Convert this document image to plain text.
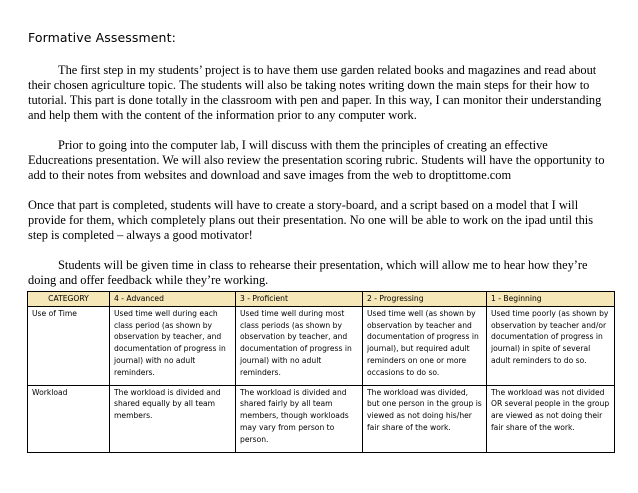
Formative Assessment:

The first step in my students’ project is to have them use garden related books and magazines and read about their chosen agriculture topic. The students will also be taking notes writing down the main steps for their how to tutorial. This part is done totally in the classroom with pen and paper. In this way, I can monitor their understanding and help them with the content of the information prior to any computer work.

Prior to going into the computer lab, I will discuss with them the principles of creating an effective Educreations presentation. We will also review the presentation scoring rubric. Students will have the opportunity to add to their notes from websites and download and save images from the web to droptittome.com

Once that part is completed, students will have to create a story-board, and a script based on a model that I will provide for them, which completely plans out their presentation. No one will be able to work on the ipad until this step is completed – always a good motivator!

Students will be given time in class to rehearse their presentation, which will allow me to hear how they’re doing and offer feedback while they’re working.

CATEGORY	4 - Advanced	3 - Proficient	2 - Progressing	1 - Beginning
Use of Time	Used time well during each class period (as shown by observation by teacher, and documentation of progress in journal) with no adult reminders.	Used time well during most class periods (as shown by observation by teacher, and documentation of progress in journal) with no adult reminders.	Used time well (as shown by observation by teacher and documentation of progress in journal), but required adult reminders on one or more occasions to do so.	Used time poorly (as shown by observation by teacher and/or documentation of progress in journal) in spite of several adult reminders to do so.
Workload	The workload is divided and shared equally by all team members.	The workload is divided and shared fairly by all team members, though workloads may vary from person to person.	The workload was divided, but one person in the group is viewed as not doing his/her fair share of the work.	The workload was not divided OR several people in the group are viewed as not doing their fair share of the work.
